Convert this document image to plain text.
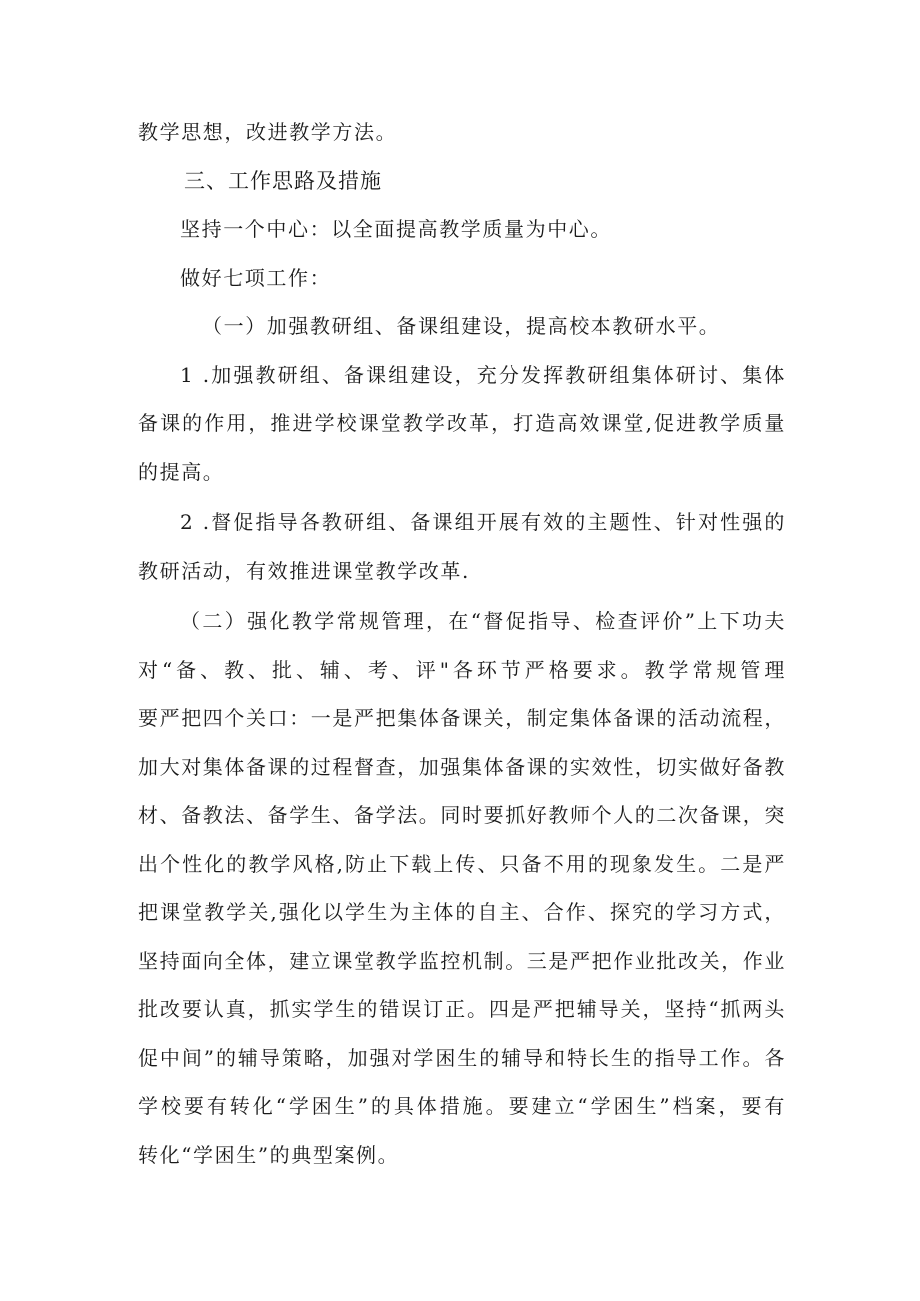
教学思想，改进教学方法。

三、工作思路及措施

坚持一个中心：以全面提高教学质量为中心。

做好七项工作：

（一）加强教研组、备课组建设，提高校本教研水平。

1 .加强教研组、备课组建设，充分发挥教研组集体研讨、集体

备课的作用，推进学校课堂教学改革，打造高效课堂,促进教学质量

的提高。

2 .督促指导各教研组、备课组开展有效的主题性、针对性强的

教研活动，有效推进课堂教学改革.

（二）强化教学常规管理，在“督促指导、检查评价”上下功夫

对“备、教、批、辅、考、评"各环节严格要求。教学常规管理

要严把四个关口：一是严把集体备课关，制定集体备课的活动流程，

加大对集体备课的过程督查，加强集体备课的实效性，切实做好备教

材、备教法、备学生、备学法。同时要抓好教师个人的二次备课，突

出个性化的教学风格,防止下载上传、只备不用的现象发生。二是严

把课堂教学关,强化以学生为主体的自主、合作、探究的学习方式，

坚持面向全体，建立课堂教学监控机制。三是严把作业批改关，作业

批改要认真，抓实学生的错误订正。四是严把辅导关，坚持“抓两头

促中间”的辅导策略，加强对学困生的辅导和特长生的指导工作。各

学校要有转化“学困生”的具体措施。要建立“学困生”档案，要有

转化“学困生”的典型案例。
